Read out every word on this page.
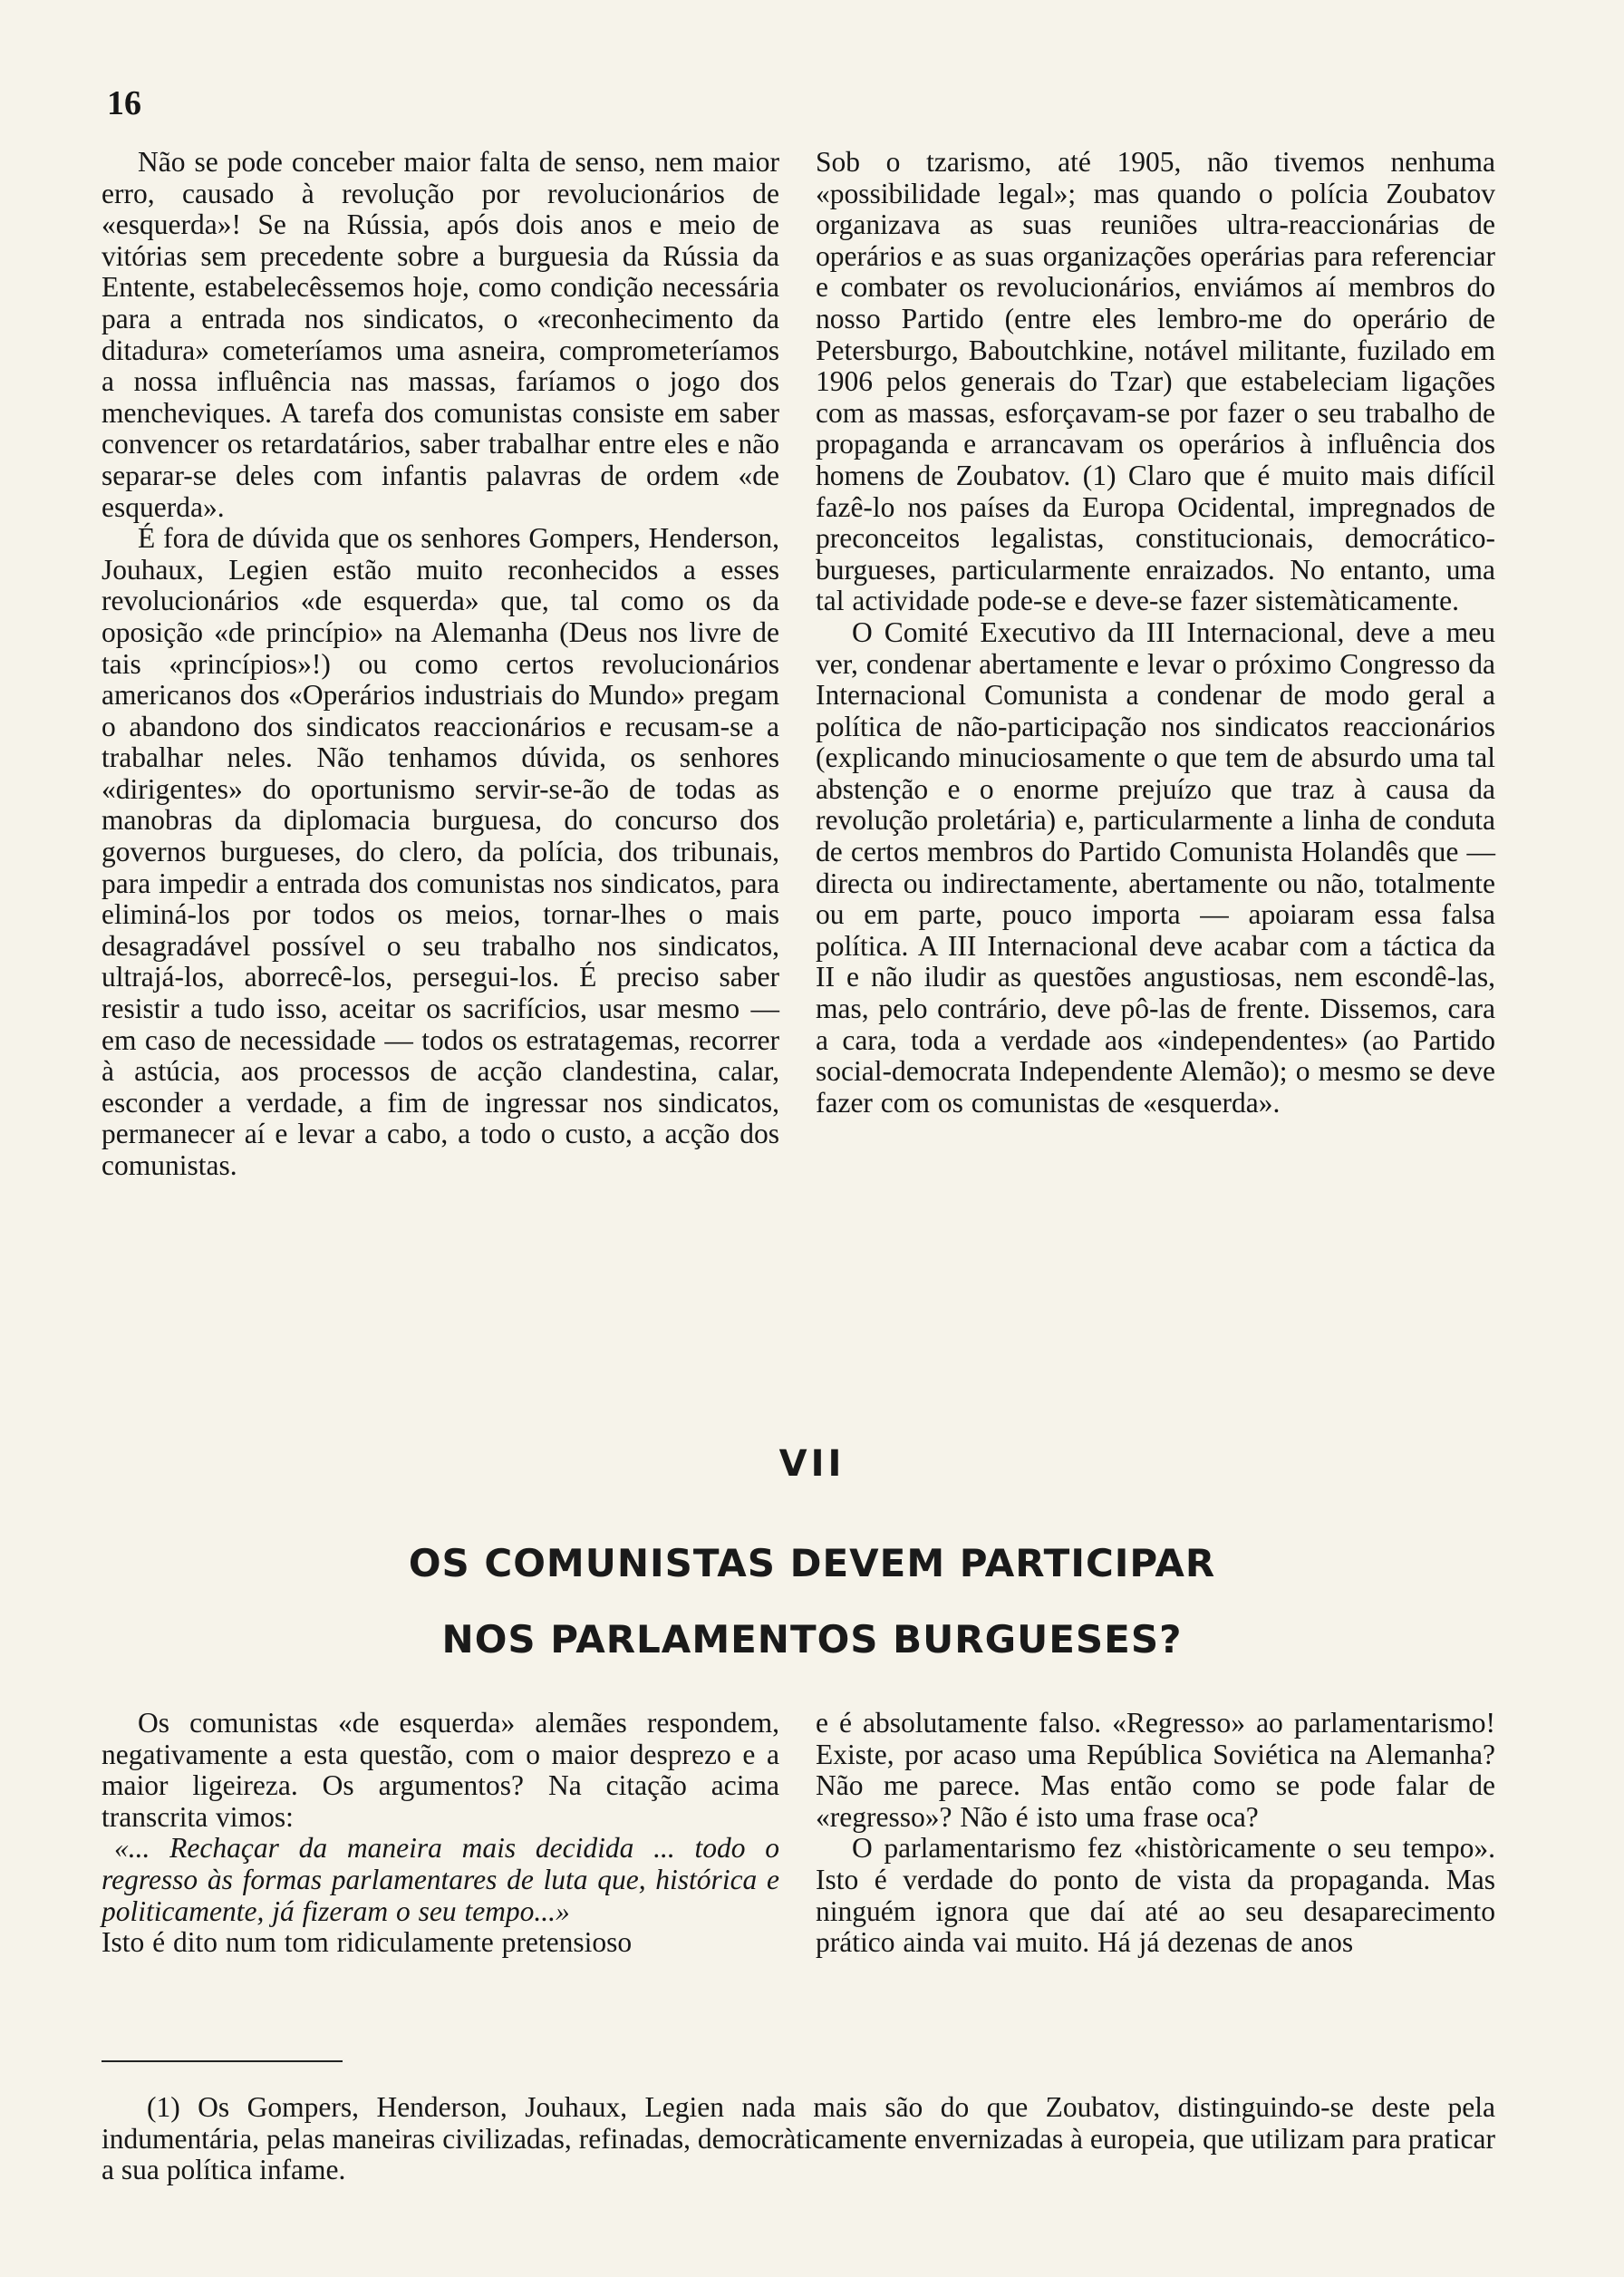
16

Não se pode conceber maior falta de senso, nem maior erro, causado à revolução por revolucionários de «esquerda»! Se na Rússia, após dois anos e meio de vitórias sem precedente sobre a burguesia da Rússia da Entente, estabelecêssemos hoje, como condição necessária para a entrada nos sindicatos, o «reconhecimento da ditadura» cometeríamos uma asneira, comprometeríamos a nossa influência nas massas, faríamos o jogo dos mencheviques. A tarefa dos comunistas consiste em saber convencer os retardatários, saber trabalhar entre eles e não separar-se deles com infantis palavras de ordem «de esquerda».

É fora de dúvida que os senhores Gompers, Henderson, Jouhaux, Legien estão muito reconhecidos a esses revolucionários «de esquerda» que, tal como os da oposição «de princípio» na Alemanha (Deus nos livre de tais «princípios»!) ou como certos revolucionários americanos dos «Operários industriais do Mundo» pregam o abandono dos sindicatos reaccionários e recusam-se a trabalhar neles. Não tenhamos dúvida, os senhores «dirigentes» do oportunismo servir-se-ão de todas as manobras da diplomacia burguesa, do concurso dos governos burgueses, do clero, da polícia, dos tribunais, para impedir a entrada dos comunistas nos sindicatos, para eliminá-los por todos os meios, tornar-lhes o mais desagradável possível o seu trabalho nos sindicatos, ultrajá-los, aborrecê-los, persegui-los. É preciso saber resistir a tudo isso, aceitar os sacrifícios, usar mesmo — em caso de necessidade — todos os estratagemas, recorrer à astúcia, aos processos de acção clandestina, calar, esconder a verdade, a fim de ingressar nos sindicatos, permanecer aí e levar a cabo, a todo o custo, a acção dos comunistas.

Sob o tzarismo, até 1905, não tivemos nenhuma «possibilidade legal»; mas quando o polícia Zoubatov organizava as suas reuniões ultra-reaccionárias de operários e as suas organizações operárias para referenciar e combater os revolucionários, enviámos aí membros do nosso Partido (entre eles lembro-me do operário de Petersburgo, Baboutchkine, notável militante, fuzilado em 1906 pelos generais do Tzar) que estabeleciam ligações com as massas, esforçavam-se por fazer o seu trabalho de propaganda e arrancavam os operários à influência dos homens de Zoubatov. (1) Claro que é muito mais difícil fazê-lo nos países da Europa Ocidental, impregnados de preconceitos legalistas, constitucionais, democrático-burgueses, particularmente enraizados. No entanto, uma tal actividade pode-se e deve-se fazer sistemàticamente.

O Comité Executivo da III Internacional, deve a meu ver, condenar abertamente e levar o próximo Congresso da Internacional Comunista a condenar de modo geral a política de não-participação nos sindicatos reaccionários (explicando minuciosamente o que tem de absurdo uma tal abstenção e o enorme prejuízo que traz à causa da revolução proletária) e, particularmente a linha de conduta de certos membros do Partido Comunista Holandês que — directa ou indirectamente, abertamente ou não, totalmente ou em parte, pouco importa — apoiaram essa falsa política. A III Internacional deve acabar com a táctica da II e não iludir as questões angustiosas, nem escondê-las, mas, pelo contrário, deve pô-las de frente. Dissemos, cara a cara, toda a verdade aos «independentes» (ao Partido social-democrata Independente Alemão); o mesmo se deve fazer com os comunistas de «esquerda».

VII
OS COMUNISTAS DEVEM PARTICIPAR
NOS PARLAMENTOS BURGUESES?

Os comunistas «de esquerda» alemães respondem, negativamente a esta questão, com o maior desprezo e a maior ligeireza. Os argumentos? Na citação acima transcrita vimos:

«... Rechaçar da maneira mais decidida ... todo o regresso às formas parlamentares de luta que, histórica e politicamente, já fizeram o seu tempo...»

Isto é dito num tom ridiculamente pretensioso

e é absolutamente falso. «Regresso» ao parlamentarismo! Existe, por acaso uma República Soviética na Alemanha? Não me parece. Mas então como se pode falar de «regresso»? Não é isto uma frase oca?

O parlamentarismo fez «històricamente o seu tempo». Isto é verdade do ponto de vista da propaganda. Mas ninguém ignora que daí até ao seu desaparecimento prático ainda vai muito. Há já dezenas de anos

(1) Os Gompers, Henderson, Jouhaux, Legien nada mais são do que Zoubatov, distinguindo-se deste pela indumentária, pelas maneiras civilizadas, refinadas, democràticamente envernizadas à europeia, que utilizam para praticar a sua política infame.
